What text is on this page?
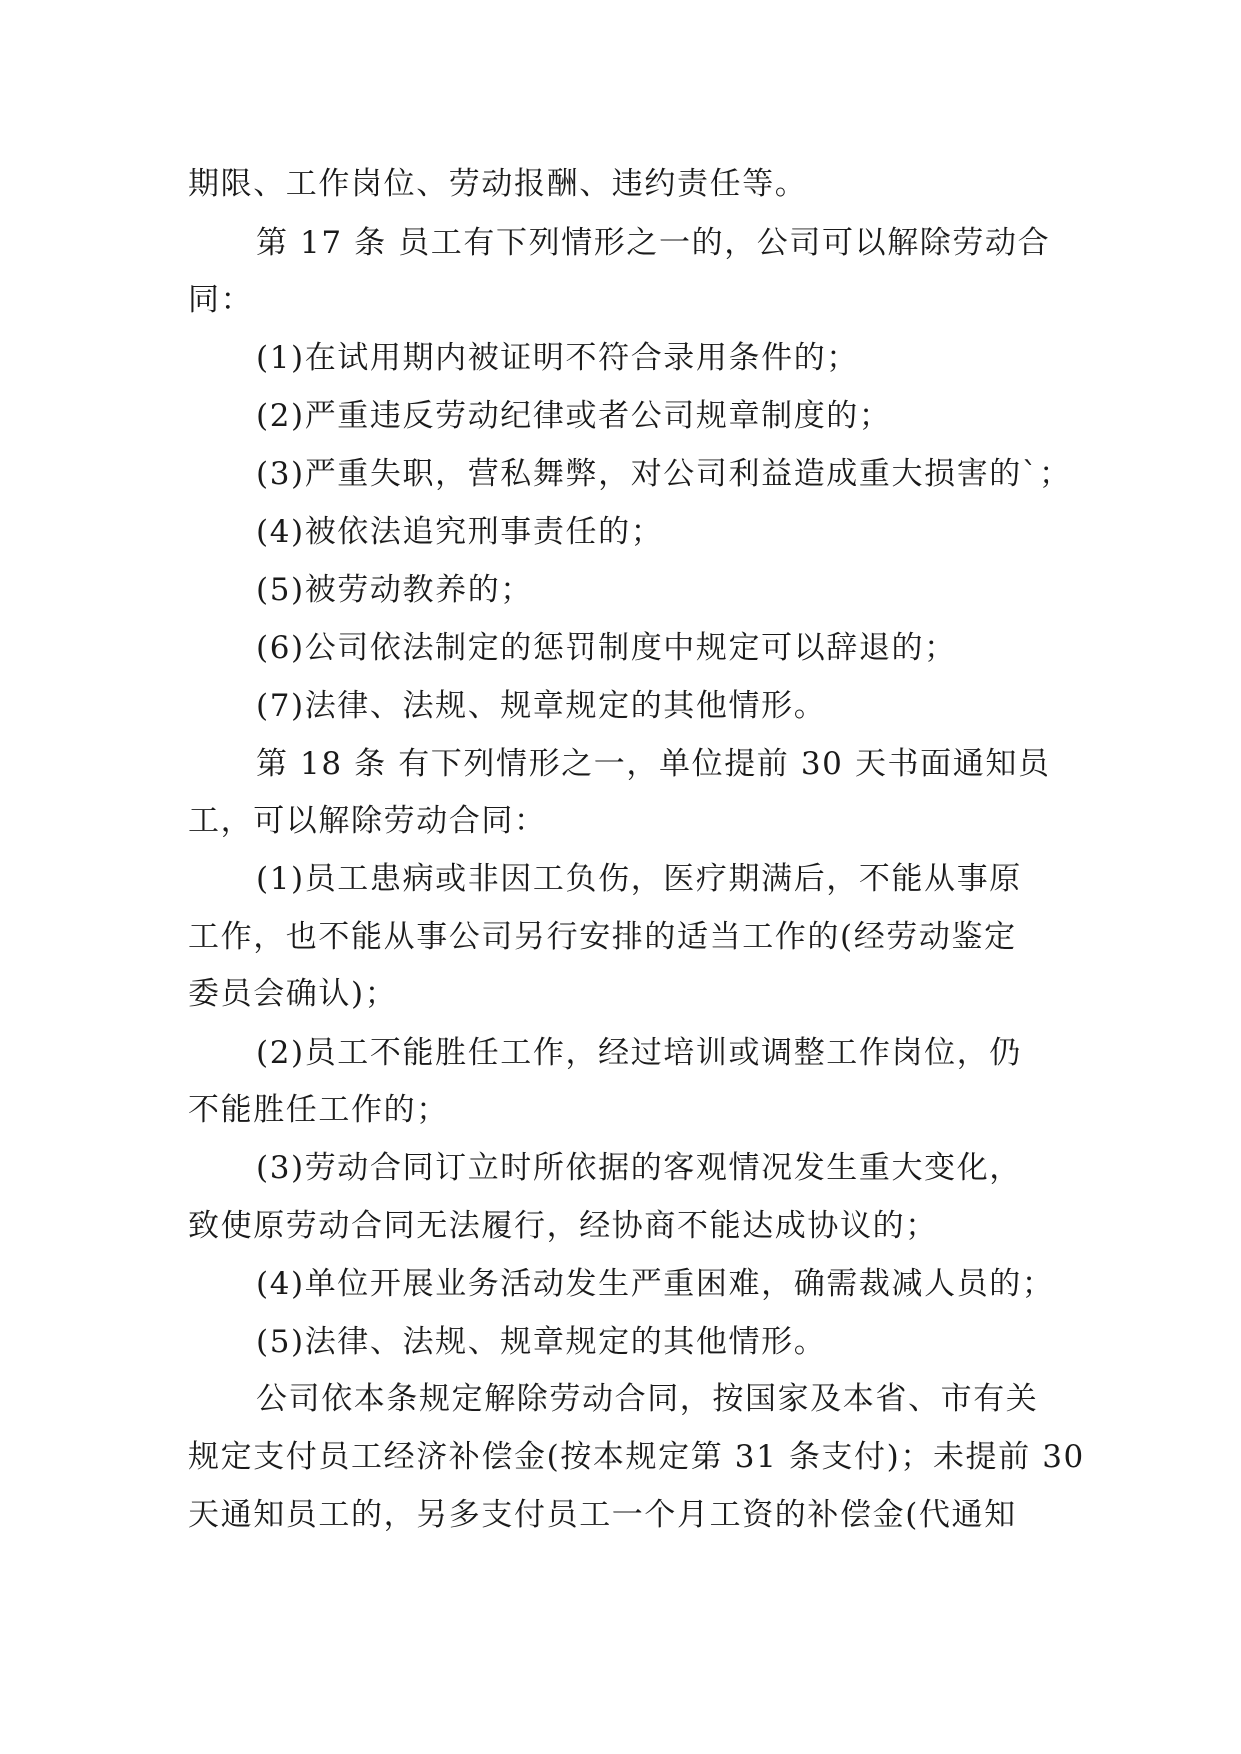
期限、工作岗位、劳动报酬、违约责任等。
第 17 条 员工有下列情形之一的，公司可以解除劳动合
同：
(1)在试用期内被证明不符合录用条件的；
(2)严重违反劳动纪律或者公司规章制度的；
(3)严重失职，营私舞弊，对公司利益造成重大损害的`；
(4)被依法追究刑事责任的；
(5)被劳动教养的；
(6)公司依法制定的惩罚制度中规定可以辞退的；
(7)法律、法规、规章规定的其他情形。
第 18 条 有下列情形之一，单位提前 30 天书面通知员
工，可以解除劳动合同：
(1)员工患病或非因工负伤，医疗期满后，不能从事原
工作，也不能从事公司另行安排的适当工作的(经劳动鉴定
委员会确认)；
(2)员工不能胜任工作，经过培训或调整工作岗位，仍
不能胜任工作的；
(3)劳动合同订立时所依据的客观情况发生重大变化，
致使原劳动合同无法履行，经协商不能达成协议的；
(4)单位开展业务活动发生严重困难，确需裁减人员的；
(5)法律、法规、规章规定的其他情形。
公司依本条规定解除劳动合同，按国家及本省、市有关
规定支付员工经济补偿金(按本规定第 31 条支付)；未提前 30
天通知员工的，另多支付员工一个月工资的补偿金(代通知
